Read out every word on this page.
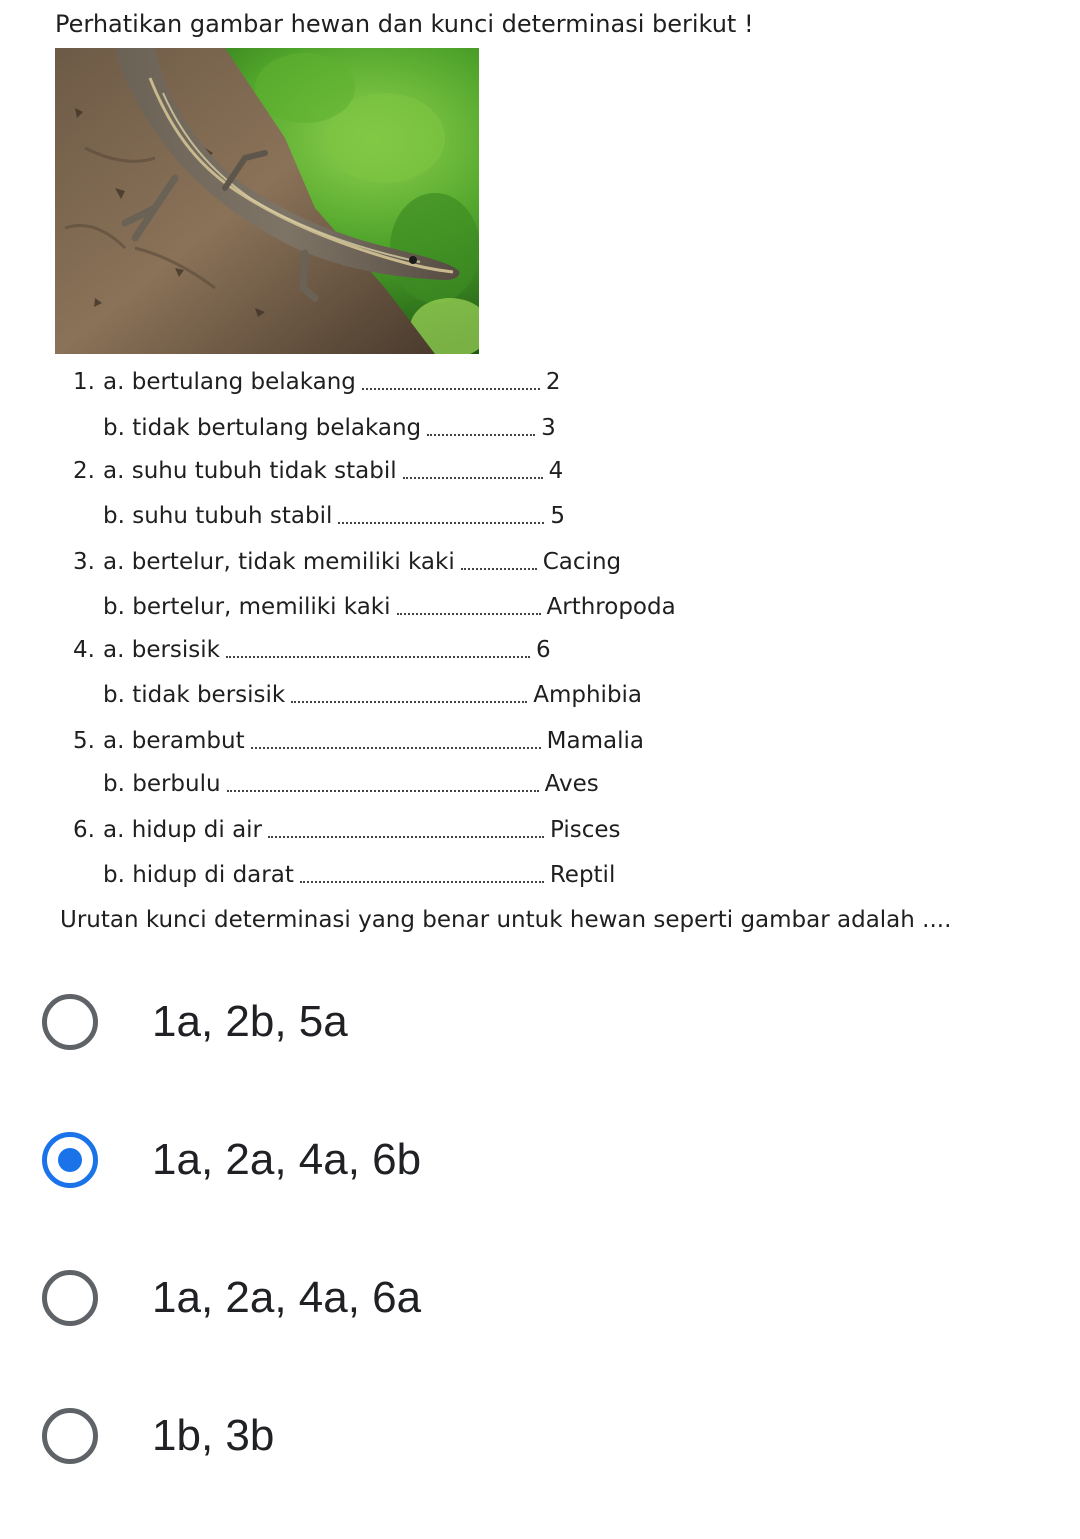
Perhatikan gambar hewan dan kunci determinasi berikut !
1. a. bertulang belakang	2
b. tidak bertulang belakang	3
2. a. suhu tubuh tidak stabil	4
b. suhu tubuh stabil	5
3. a. bertelur, tidak memiliki kaki	Cacing
b. bertelur, memiliki kaki	Arthropoda
4. a. bersisik	6
b. tidak bersisik	Amphibia
5. a. berambut	Mamalia
b. berbulu	Aves
6. a. hidup di air	Pisces
b. hidup di darat	Reptil
Urutan kunci determinasi yang benar untuk hewan seperti gambar adalah ....
1a, 2b, 5a
1a, 2a, 4a, 6b
1a, 2a, 4a, 6a
1b, 3b
